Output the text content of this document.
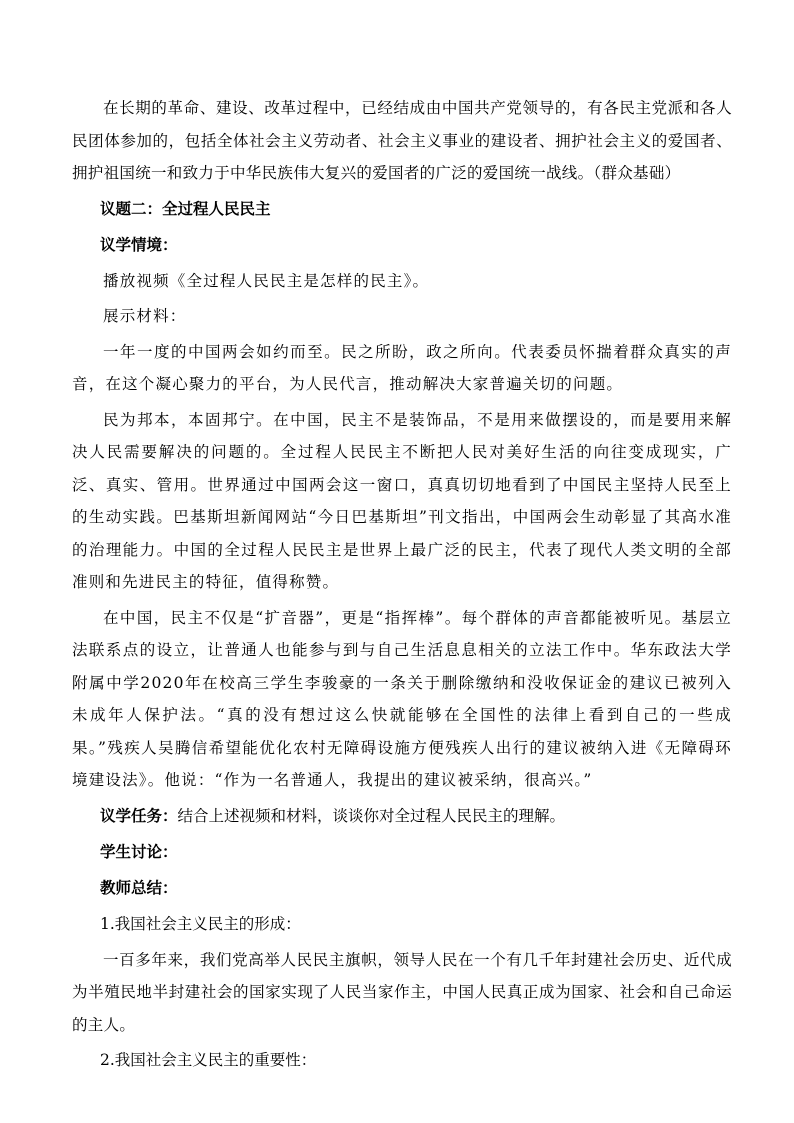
在长期的革命、建设、改革过程中，已经结成由中国共产党领导的，有各民主党派和各人民团体参加的，包括全体社会主义劳动者、社会主义事业的建设者、拥护社会主义的爱国者、拥护祖国统一和致力于中华民族伟大复兴的爱国者的广泛的爱国统一战线。（群众基础）

议题二：全过程人民民主

议学情境：

播放视频《全过程人民民主是怎样的民主》。

展示材料：

一年一度的中国两会如约而至。民之所盼，政之所向。代表委员怀揣着群众真实的声音，在这个凝心聚力的平台，为人民代言，推动解决大家普遍关切的问题。

民为邦本，本固邦宁。在中国，民主不是装饰品，不是用来做摆设的，而是要用来解决人民需要解决的问题的。全过程人民民主不断把人民对美好生活的向往变成现实，广泛、真实、管用。世界通过中国两会这一窗口，真真切切地看到了中国民主坚持人民至上的生动实践。巴基斯坦新闻网站“今日巴基斯坦”刊文指出，中国两会生动彰显了其高水准的治理能力。中国的全过程人民民主是世界上最广泛的民主，代表了现代人类文明的全部准则和先进民主的特征，值得称赞。

在中国，民主不仅是“扩音器”，更是“指挥棒”。每个群体的声音都能被听见。基层立法联系点的设立，让普通人也能参与到与自己生活息息相关的立法工作中。华东政法大学附属中学2020年在校高三学生李骏豪的一条关于删除缴纳和没收保证金的建议已被列入未成年人保护法。“真的没有想过这么快就能够在全国性的法律上看到自己的一些成果。”残疾人吴腾信希望能优化农村无障碍设施方便残疾人出行的建议被纳入进《无障碍环境建设法》。他说：“作为一名普通人，我提出的建议被采纳，很高兴。”

议学任务：结合上述视频和材料，谈谈你对全过程人民民主的理解。

学生讨论：

教师总结：

1.我国社会主义民主的形成：

一百多年来，我们党高举人民民主旗帜，领导人民在一个有几千年封建社会历史、近代成为半殖民地半封建社会的国家实现了人民当家作主，中国人民真正成为国家、社会和自己命运的主人。

2.我国社会主义民主的重要性：
